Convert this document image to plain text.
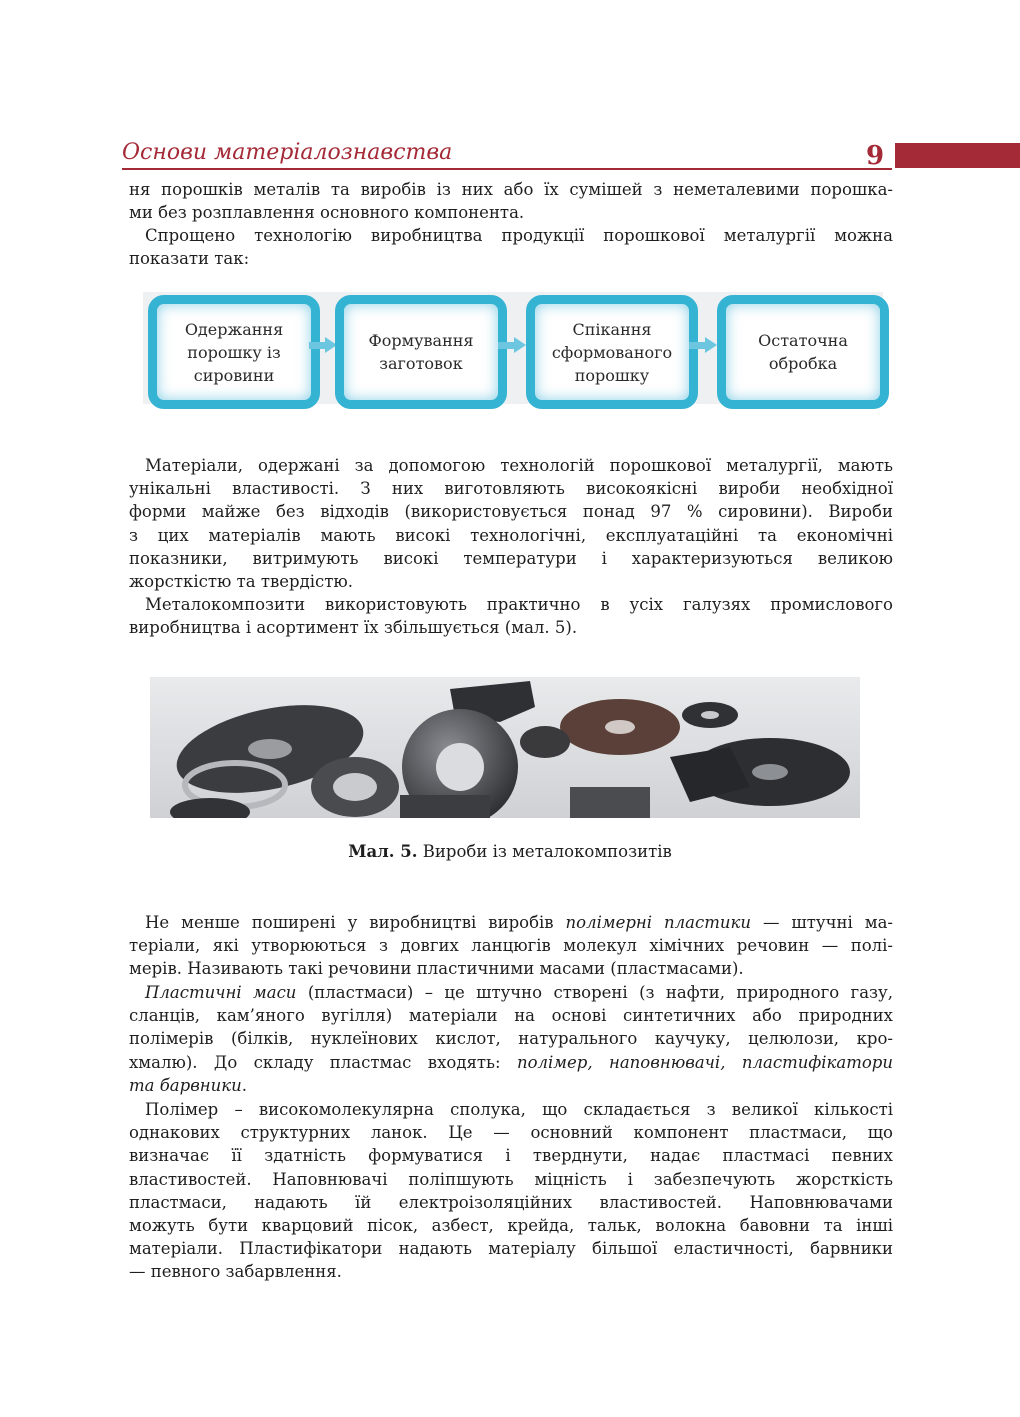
Основи матеріалознавства	9
ня порошків металів та виробів із них або їх сумішей з неметалевими порошка-
ми без розплавлення основного компонента.
Спрощено технологію виробництва продукції порошкової металургії можна
показати так:
Одержання
порошку із
сировини
Формування
заготовок
Спікання
сформованого
порошку
Остаточна
обробка
Матеріали, одержані за допомогою технологій порошкової металургії, мають
унікальні властивості. З них виготовляють високоякісні вироби необхідної
форми майже без відходів (використовується понад 97 % сировини). Вироби
з цих матеріалів мають високі технологічні, експлуатаційні та економічні
показники, витримують високі температури і характеризуються великою
жорсткістю та твердістю.
Металокомпозити використовують практично в усіх галузях промислового
виробництва і асортимент їх збільшується (мал. 5).
Мал. 5. Вироби із металокомпозитів
Не менше поширені у виробництві виробів полімерні пластики — штучні ма-
теріали, які утворюються з довгих ланцюгів молекул хімічних речовин — полі-
мерів. Називають такі речовини пластичними масами (пластмасами).
Пластичні маси (пластмаси) – це штучно створені (з нафти, природного газу,
сланців, кам’яного вугілля) матеріали на основі синтетичних або природних
полімерів (білків, нуклеїнових кислот, натурального каучуку, целюлози, кро-
хмалю). До складу пластмас входять: полімер, наповнювачі, пластифікатори
та барвники.
Полімер – високомолекулярна сполука, що складається з великої кількості
однакових структурних ланок. Це — основний компонент пластмаси, що
визначає її здатність формуватися і тверднути, надає пластмасі певних
властивостей. Наповнювачі поліпшують міцність і забезпечують жорсткість
пластмаси, надають їй електроізоляційних властивостей. Наповнювачами
можуть бути кварцовий пісок, азбест, крейда, тальк, волокна бавовни та інші
матеріали. Пластифікатори надають матеріалу більшої еластичності, барвники
— певного забарвлення.
